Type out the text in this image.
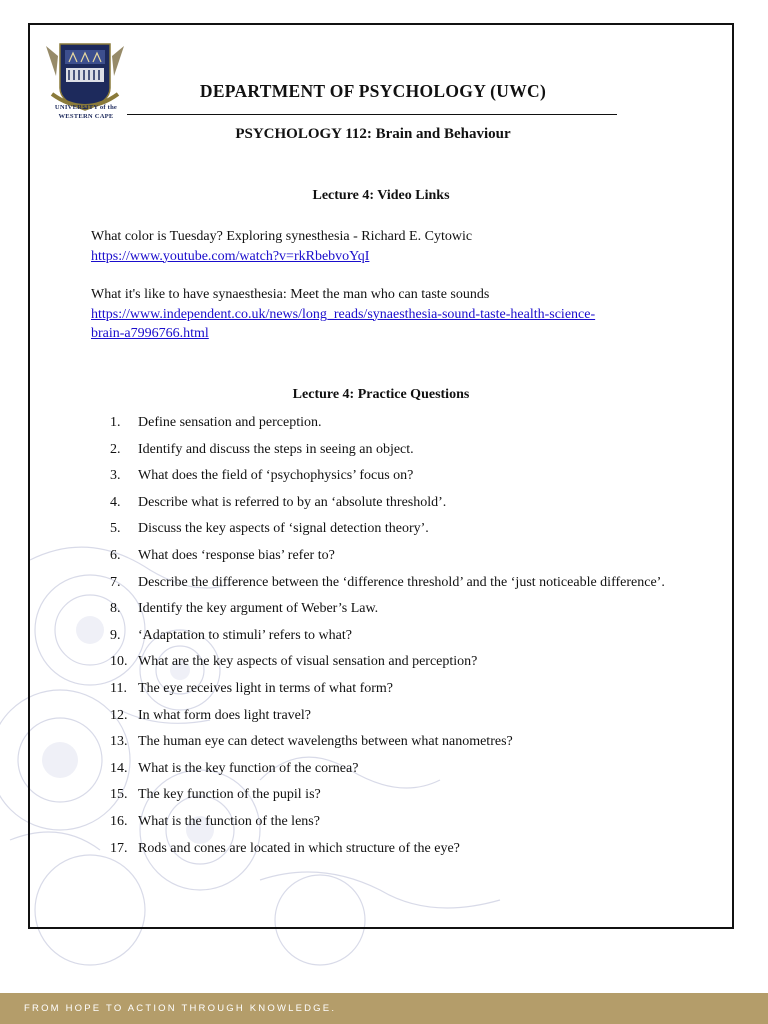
UNIVERSITY of the
WESTERN CAPE
DEPARTMENT OF PSYCHOLOGY (UWC)
PSYCHOLOGY 112: Brain and Behaviour
Lecture 4: Video Links
What color is Tuesday? Exploring synesthesia - Richard E. Cytowic
https://www.youtube.com/watch?v=rkRbebvoYqI
What it's like to have synaesthesia: Meet the man who can taste sounds
https://www.independent.co.uk/news/long_reads/synaesthesia-sound-taste-health-science-
brain-a7996766.html
Lecture 4: Practice Questions
1.	Define sensation and perception.
2.	Identify and discuss the steps in seeing an object.
3.	What does the field of ‘psychophysics’ focus on?
4.	Describe what is referred to by an ‘absolute threshold’.
5.	Discuss the key aspects of ‘signal detection theory’.
6.	What does ‘response bias’ refer to?
7.	Describe the difference between the ‘difference threshold’ and the ‘just noticeable difference’.
8.	Identify the key argument of Weber’s Law.
9.	‘Adaptation to stimuli’ refers to what?
10. What are the key aspects of visual sensation and perception?
11. The eye receives light in terms of what form?
12. In what form does light travel?
13. The human eye can detect wavelengths between what nanometres?
14. What is the key function of the cornea?
15. The key function of the pupil is?
16. What is the function of the lens?
17. Rods and cones are located in which structure of the eye?
FROM HOPE TO ACTION THROUGH KNOWLEDGE.
